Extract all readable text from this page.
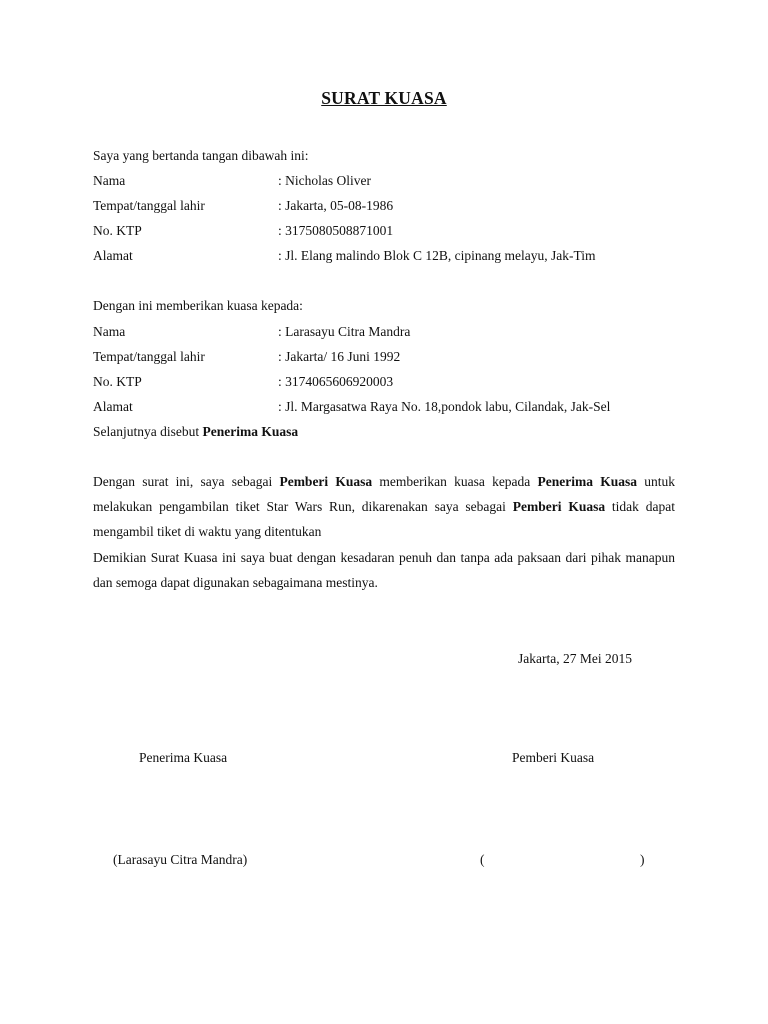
SURAT KUASA
Saya yang bertanda tangan dibawah ini:
Nama	: Nicholas Oliver
Tempat/tanggal lahir	: Jakarta, 05-08-1986
No. KTP	: 3175080508871001
Alamat	: Jl. Elang malindo Blok C 12B, cipinang melayu, Jak-Tim
Dengan ini memberikan kuasa kepada:
Nama	: Larasayu Citra Mandra
Tempat/tanggal lahir	: Jakarta/ 16 Juni 1992
No. KTP	: 3174065606920003
Alamat	: Jl. Margasatwa Raya No. 18,pondok labu, Cilandak, Jak-Sel
Selanjutnya disebut Penerima Kuasa
Dengan surat ini, saya sebagai Pemberi Kuasa memberikan kuasa kepada Penerima Kuasa untuk melakukan pengambilan tiket Star Wars Run, dikarenakan saya sebagai Pemberi Kuasa tidak dapat mengambil tiket di waktu yang ditentukan
Demikian Surat Kuasa ini saya buat dengan kesadaran penuh dan tanpa ada paksaan dari pihak manapun dan semoga dapat digunakan sebagaimana mestinya.
Jakarta, 27 Mei 2015
Penerima Kuasa	Pemberi Kuasa
(Larasayu Citra Mandra)	(	)
